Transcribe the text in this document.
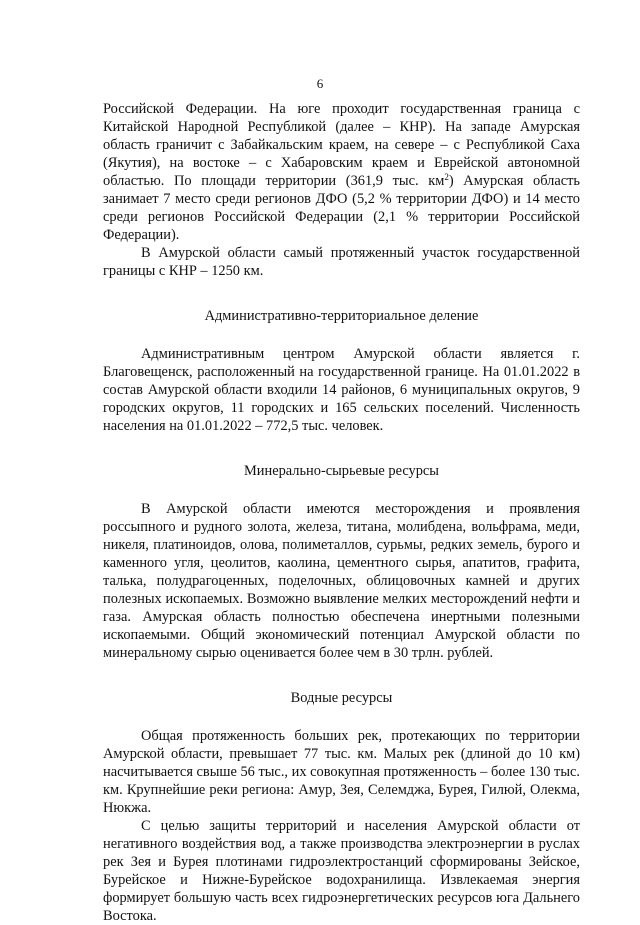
6

Российской Федерации. На юге проходит государственная граница с Китайской Народной Республикой (далее – КНР). На западе Амурская область граничит с Забайкальским краем, на севере – с Республикой Саха (Якутия), на востоке – с Хабаровским краем и Еврейской автономной областью. По площади территории (361,9 тыс. $км^2$) Амурская область занимает 7 место среди регионов ДФО (5,2 % территории ДФО) и 14 место среди регионов Российской Федерации (2,1 % территории Российской Федерации).

В Амурской области самый протяженный участок государственной границы с КНР – 1250 км.

Административно-территориальное деление

Административным центром Амурской области является г. Благовещенск, расположенный на государственной границе. На 01.01.2022 в состав Амурской области входили 14 районов, 6 муниципальных округов, 9 городских округов, 11 городских и 165 сельских поселений. Численность населения на 01.01.2022 – 772,5 тыс. человек.

Минерально-сырьевые ресурсы

В Амурской области имеются месторождения и проявления россыпного и рудного золота, железа, титана, молибдена, вольфрама, меди, никеля, платиноидов, олова, полиметаллов, сурьмы, редких земель, бурого и каменного угля, цеолитов, каолина, цементного сырья, апатитов, графита, талька, полудрагоценных, поделочных, облицовочных камней и других полезных ископаемых. Возможно выявление мелких месторождений нефти и газа. Амурская область полностью обеспечена инертными полезными ископаемыми. Общий экономический потенциал Амурской области по минеральному сырью оценивается более чем в 30 трлн. рублей.

Водные ресурсы

Общая протяженность больших рек, протекающих по территории Амурской области, превышает 77 тыс. км. Малых рек (длиной до 10 км) насчитывается свыше 56 тыс., их совокупная протяженность – более 130 тыс. км. Крупнейшие реки региона: Амур, Зея, Селемджа, Бурея, Гилюй, Олекма, Нюкжа.

С целью защиты территорий и населения Амурской области от негативного воздействия вод, а также производства электроэнергии в руслах рек Зея и Бурея плотинами гидроэлектростанций сформированы Зейское, Бурейское и Нижне-Бурейское водохранилища. Извлекаемая энергия формирует большую часть всех гидроэнергетических ресурсов юга Дальнего Востока.
